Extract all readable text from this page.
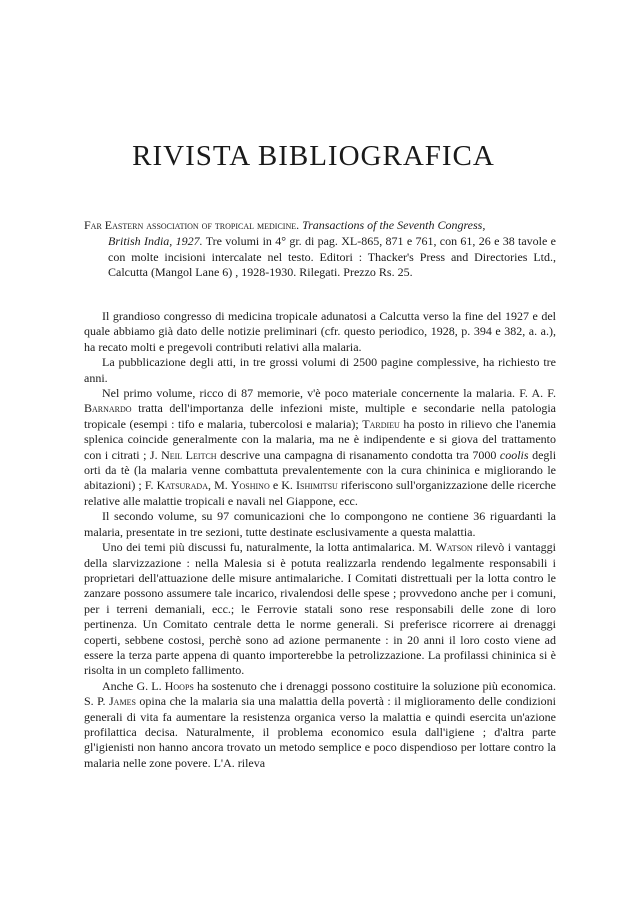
RIVISTA BIBLIOGRAFICA
Far Eastern association of tropical medicine. Transactions of the Seventh Congress,
British India, 1927. Tre volumi in 4° gr. di pag. XL-865, 871 e 761, con 61, 26 e 38 tavole e con molte incisioni intercalate nel testo. Editori : Thacker's Press and Directories Ltd., Calcutta (Mangol Lane 6) , 1928-1930. Rilegati. Prezzo Rs. 25.

Il grandioso congresso di medicina tropicale adunatosi a Calcutta verso la fine del 1927 e del quale abbiamo già dato delle notizie preliminari (cfr. questo periodico, 1928, p. 394 e 382, a. a.), ha recato molti e pregevoli contributi relativi alla malaria.

La pubblicazione degli atti, in tre grossi volumi di 2500 pagine complessive, ha richiesto tre anni.

Nel primo volume, ricco di 87 memorie, v'è poco materiale concernente la malaria. F. A. F. Barnardo tratta dell'importanza delle infezioni miste, multiple e secondarie nella patologia tropicale (esempi : tifo e malaria, tubercolosi e malaria); Tardieu ha posto in rilievo che l'anemia splenica coincide generalmente con la malaria, ma ne è indipendente e si giova del trattamento con i citrati ; J. Neil Leitch descrive una campagna di risanamento condotta tra 7000 coolis degli orti da tè (la malaria venne combattuta prevalentemente con la cura chininica e migliorando le abitazioni) ; F. Katsurada, M. Yoshino e K. Ishimitsu riferiscono sull'organizzazione delle ricerche relative alle malattie tropicali e navali nel Giappone, ecc.

Il secondo volume, su 97 comunicazioni che lo compongono ne contiene 36 riguardanti la malaria, presentate in tre sezioni, tutte destinate esclusivamente a questa malattia.

Uno dei temi più discussi fu, naturalmente, la lotta antimalarica. M. Watson rilevò i vantaggi della slarvizzazione : nella Malesia si è potuta realizzarla rendendo legalmente responsabili i proprietari dell'attuazione delle misure antimalariche. I Comitati distrettuali per la lotta contro le zanzare possono assumere tale incarico, rivalendosi delle spese ; provvedono anche per i comuni, per i terreni demaniali, ecc.; le Ferrovie statali sono rese responsabili delle zone di loro pertinenza. Un Comitato centrale detta le norme generali. Si preferisce ricorrere ai drenaggi coperti, sebbene costosi, perchè sono ad azione permanente : in 20 anni il loro costo viene ad essere la terza parte appena di quanto importerebbe la petrolizzazione. La profilassi chininica si è risolta in un completo fallimento.

Anche G. L. Hoops ha sostenuto che i drenaggi possono costituire la soluzione più economica. S. P. James opina che la malaria sia una malattia della povertà : il miglioramento delle condizioni generali di vita fa aumentare la resistenza organica verso la malattia e quindi esercita un'azione profilattica decisa. Naturalmente, il problema economico esula dall'igiene ; d'altra parte gl'igienisti non hanno ancora trovato un metodo semplice e poco dispendioso per lottare contro la malaria nelle zone povere. L'A. rileva
